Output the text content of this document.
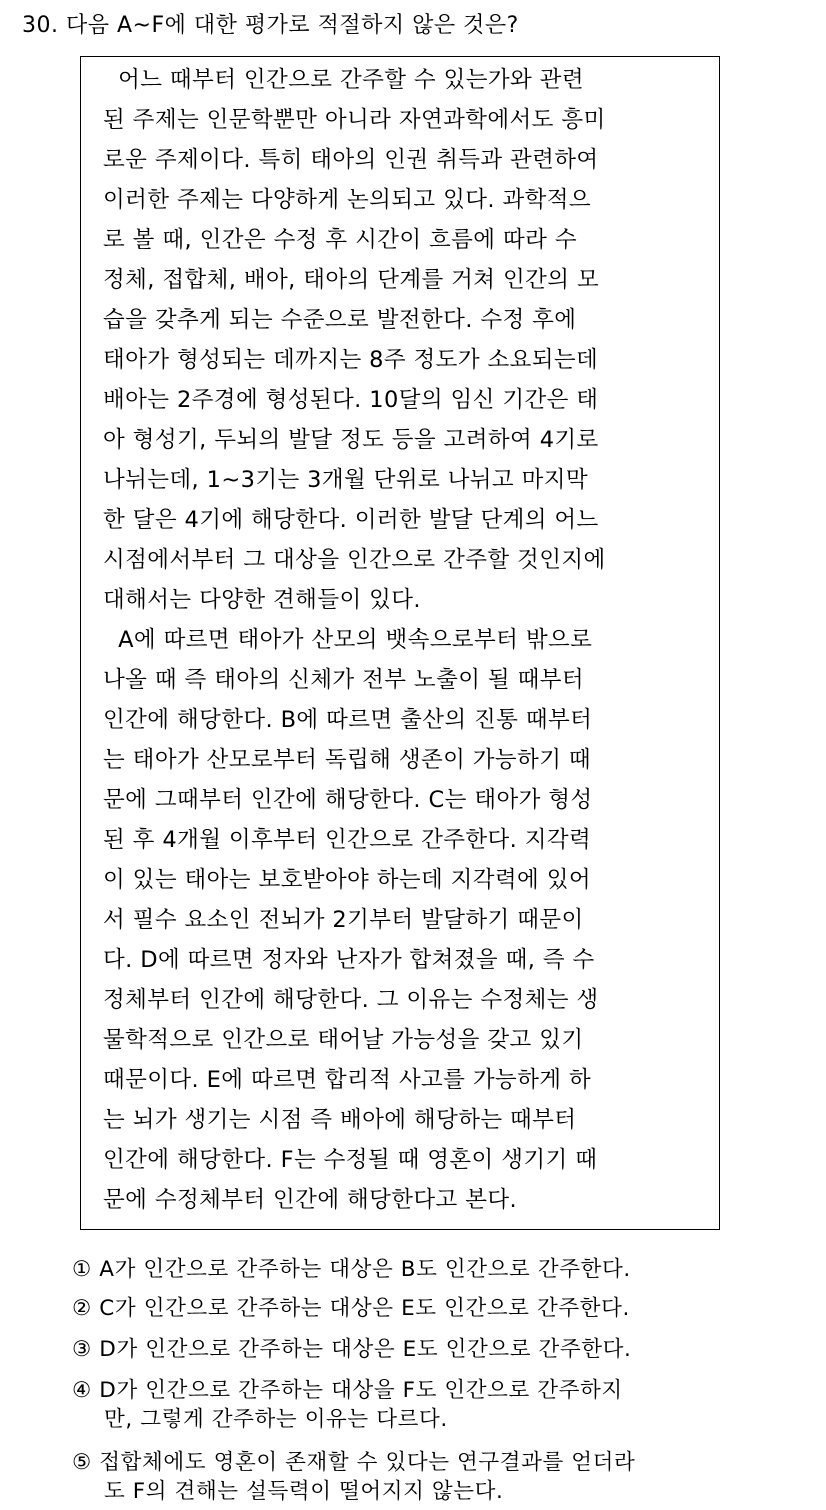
30. 다음 A~F에 대한 평가로 적절하지 않은 것은?
어느 때부터 인간으로 간주할 수 있는가와 관련
된 주제는 인문학뿐만 아니라 자연과학에서도 흥미
로운 주제이다. 특히 태아의 인권 취득과 관련하여
이러한 주제는 다양하게 논의되고 있다. 과학적으
로 볼 때, 인간은 수정 후 시간이 흐름에 따라 수
정체, 접합체, 배아, 태아의 단계를 거쳐 인간의 모
습을 갖추게 되는 수준으로 발전한다. 수정 후에
태아가 형성되는 데까지는 8주 정도가 소요되는데
배아는 2주경에 형성된다. 10달의 임신 기간은 태
아 형성기, 두뇌의 발달 정도 등을 고려하여 4기로
나뉘는데, 1~3기는 3개월 단위로 나뉘고 마지막
한 달은 4기에 해당한다. 이러한 발달 단계의 어느
시점에서부터 그 대상을 인간으로 간주할 것인지에
대해서는 다양한 견해들이 있다.
A에 따르면 태아가 산모의 뱃속으로부터 밖으로
나올 때 즉 태아의 신체가 전부 노출이 될 때부터
인간에 해당한다. B에 따르면 출산의 진통 때부터
는 태아가 산모로부터 독립해 생존이 가능하기 때
문에 그때부터 인간에 해당한다. C는 태아가 형성
된 후 4개월 이후부터 인간으로 간주한다. 지각력
이 있는 태아는 보호받아야 하는데 지각력에 있어
서 필수 요소인 전뇌가 2기부터 발달하기 때문이
다. D에 따르면 정자와 난자가 합쳐졌을 때, 즉 수
정체부터 인간에 해당한다. 그 이유는 수정체는 생
물학적으로 인간으로 태어날 가능성을 갖고 있기
때문이다. E에 따르면 합리적 사고를 가능하게 하
는 뇌가 생기는 시점 즉 배아에 해당하는 때부터
인간에 해당한다. F는 수정될 때 영혼이 생기기 때
문에 수정체부터 인간에 해당한다고 본다.
① A가 인간으로 간주하는 대상은 B도 인간으로 간주한다.
② C가 인간으로 간주하는 대상은 E도 인간으로 간주한다.
③ D가 인간으로 간주하는 대상은 E도 인간으로 간주한다.
④ D가 인간으로 간주하는 대상을 F도 인간으로 간주하지
만, 그렇게 간주하는 이유는 다르다.
⑤ 접합체에도 영혼이 존재할 수 있다는 연구결과를 얻더라
도 F의 견해는 설득력이 떨어지지 않는다.
